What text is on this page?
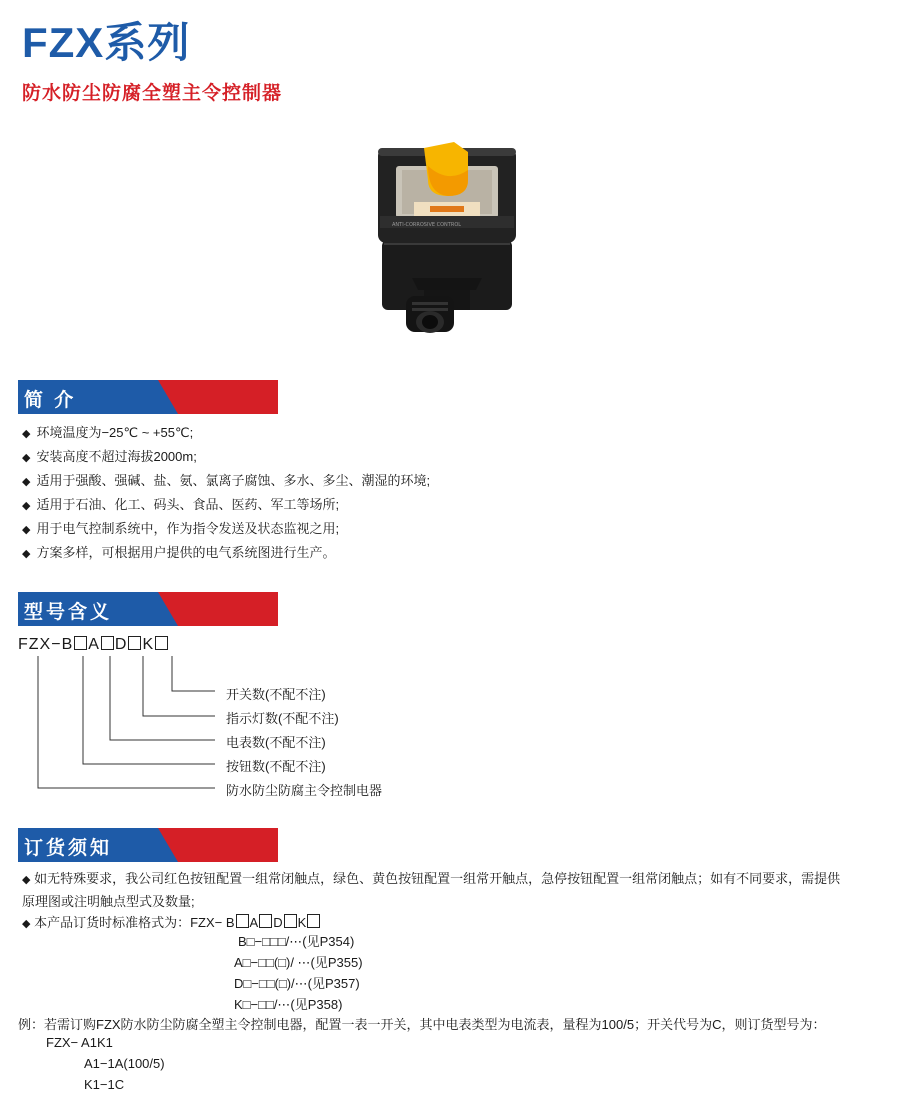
FZX系列
防水防尘防腐全塑主令控制器
ANTI-CORROSIVE CONTROL
简 介
◆ 环境温度为−25℃ ~ +55℃;
◆ 安装高度不超过海拔2000m;
◆ 适用于强酸、强碱、盐、氨、氯离子腐蚀、多水、多尘、潮湿的环境;
◆ 适用于石油、化工、码头、食品、医药、军工等场所;
◆ 用于电气控制系统中，作为指令发送及状态监视之用;
◆ 方案多样，可根据用户提供的电气系统图进行生产。
型号含义
FZX−B A D K
开关数(不配不注)
指示灯数(不配不注)
电表数(不配不注)
按钮数(不配不注)
防水防尘防腐主令控制电器
订货须知
◆ 如无特殊要求，我公司红色按钮配置一组常闭触点，绿色、黄色按钮配置一组常开触点，急停按钮配置一组常闭触点；如有不同要求，需提供
原理图或注明触点型式及数量;
◆ 本产品订货时标准格式为：FZX− B A D K
B□−□□□/⋯(见P354)
A□−□□(□)/ ⋯(见P355)
D□−□□(□)/⋯(见P357)
K□−□□/⋯(见P358)
例：若需订购FZX防水防尘防腐全塑主令控制电器，配置一表一开关，其中电表类型为电流表，量程为100/5；开关代号为C，则订货型号为：
FZX− A1K1
A1−1A(100/5)
K1−1C
